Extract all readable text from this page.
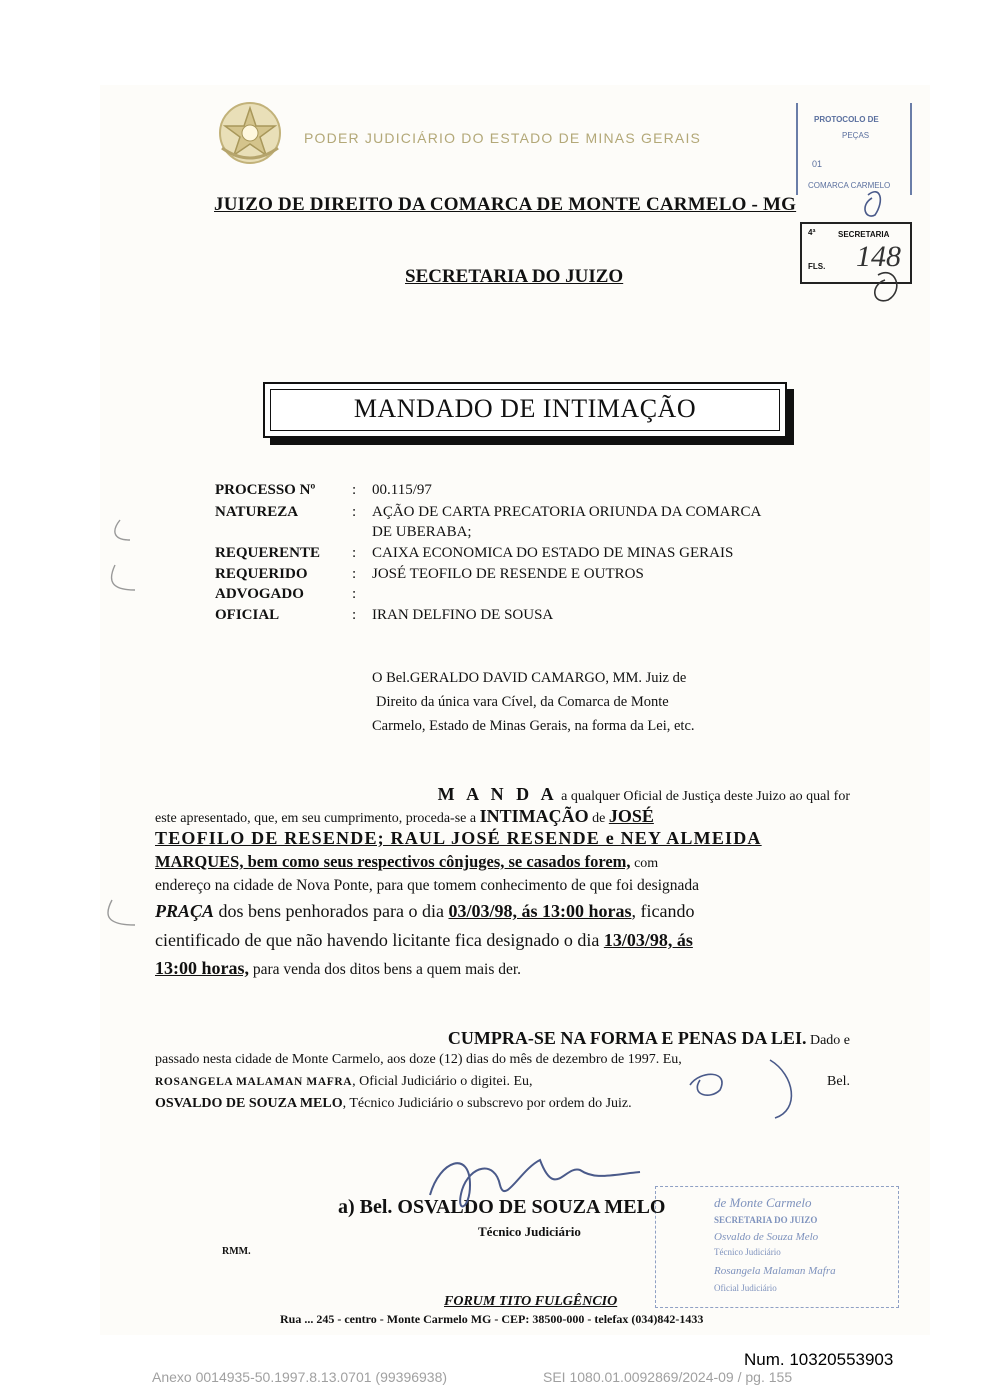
PODER JUDICIÁRIO DO ESTADO DE MINAS GERAIS
PROTOCOLO DE
PEÇAS
01
COMARCA CARMELO
JUIZO DE DIREITO DA COMARCA DE MONTE CARMELO - MG
SECRETARIA DO JUIZO
4ª	SECRETARIA
FLS. 148
MANDADO DE INTIMAÇÃO
PROCESSO Nº : 00.115/97
NATUREZA	: AÇÃO DE CARTA PRECATORIA ORIUNDA DA COMARCA
DE UBERABA;
REQUERENTE : CAIXA ECONOMICA DO ESTADO DE MINAS GERAIS
REQUERIDO	: JOSÉ TEOFILO DE RESENDE E OUTROS
ADVOGADO	:
OFICIAL	: IRAN DELFINO DE SOUSA
O Bel.GERALDO DAVID CAMARGO, MM. Juiz de
Direito da única vara Cível, da Comarca de Monte
Carmelo, Estado de Minas Gerais, na forma da Lei, etc.
M A N D A a qualquer Oficial de Justiça deste Juizo ao qual for
este apresentado, que, em seu cumprimento, proceda-se a INTIMAÇÃO de JOSÉ
TEOFILO DE RESENDE; RAUL JOSÉ RESENDE e NEY ALMEIDA
MARQUES, bem como seus respectivos cônjuges, se casados forem, com
endereço na cidade de Nova Ponte, para que tomem conhecimento de que foi designada
PRAÇA dos bens penhorados para o dia 03/03/98, ás 13:00 horas, ficando
cientificado de que não havendo licitante fica designado o dia 13/03/98, ás
13:00 horas, para venda dos ditos bens a quem mais der.
CUMPRA-SE NA FORMA E PENAS DA LEI. Dado e
passado nesta cidade de Monte Carmelo, aos doze (12) dias do mês de dezembro de 1997. Eu,
ROSANGELA MALAMAN MAFRA, Oficial Judiciário o digitei. Eu,	Bel.
OSVALDO DE SOUZA MELO, Técnico Judiciário o subscrevo por ordem do Juiz.
de Monte Carmelo
SECRETARIA DO JUIZO
Osvaldo de Souza Melo
Técnico Judiciário
Rosangela Malaman Mafra
Oficial Judiciário
a) Bel. OSVALDO DE SOUZA MELO
Técnico Judiciário
RMM.
FORUM TITO FULGÊNCIO
Rua ... 245 - centro - Monte Carmelo MG - CEP: 38500-000 - telefax (034)842-1433
Num. 10320553903
Anexo 0014935-50.1997.8.13.0701 (99396938)	SEI 1080.01.0092869/2024-09 / pg. 155
